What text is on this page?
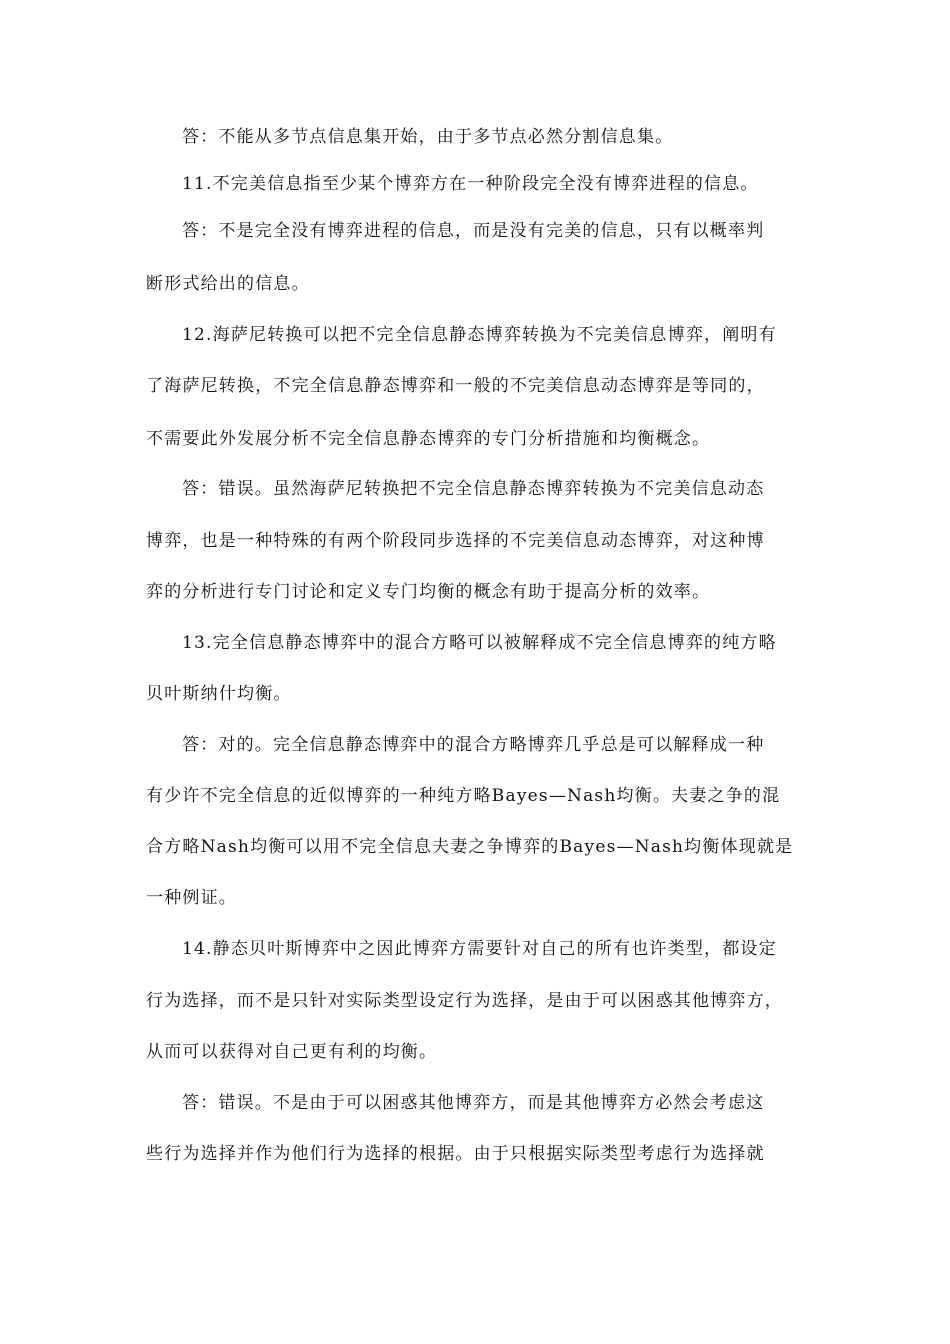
答：不能从多节点信息集开始，由于多节点必然分割信息集。
11.不完美信息指至少某个博弈方在一种阶段完全没有博弈进程的信息。
答：不是完全没有博弈进程的信息，而是没有完美的信息，只有以概率判
断形式给出的信息。
12.海萨尼转换可以把不完全信息静态博弈转换为不完美信息博弈，阐明有
了海萨尼转换，不完全信息静态博弈和一般的不完美信息动态博弈是等同的，
不需要此外发展分析不完全信息静态博弈的专门分析措施和均衡概念。
答：错误。虽然海萨尼转换把不完全信息静态博弈转换为不完美信息动态
博弈，也是一种特殊的有两个阶段同步选择的不完美信息动态博弈，对这种博
弈的分析进行专门讨论和定义专门均衡的概念有助于提高分析的效率。
13.完全信息静态博弈中的混合方略可以被解释成不完全信息博弈的纯方略
贝叶斯纳什均衡。
答：对的。完全信息静态博弈中的混合方略博弈几乎总是可以解释成一种
有少许不完全信息的近似博弈的一种纯方略Bayes—Nash均衡。夫妻之争的混
合方略Nash均衡可以用不完全信息夫妻之争博弈的Bayes—Nash均衡体现就是
一种例证。
14.静态贝叶斯博弈中之因此博弈方需要针对自己的所有也许类型，都设定
行为选择，而不是只针对实际类型设定行为选择，是由于可以困惑其他博弈方，
从而可以获得对自己更有利的均衡。
答：错误。不是由于可以困惑其他博弈方，而是其他博弈方必然会考虑这
些行为选择并作为他们行为选择的根据。由于只根据实际类型考虑行为选择就
